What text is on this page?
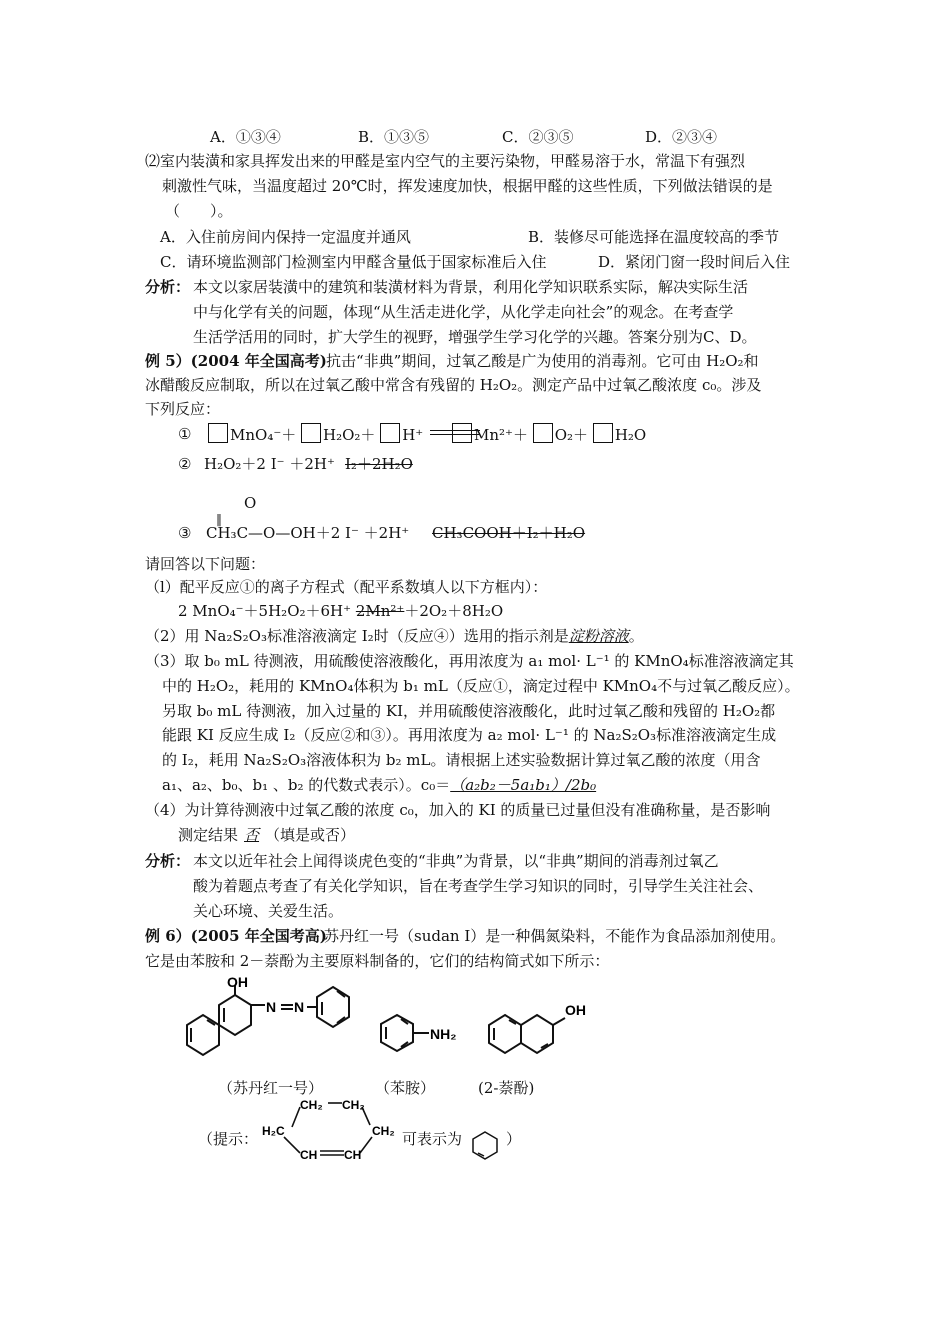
A．①③④	B．①③⑤	C．②③⑤	D．②③④
⑵室内装潢和家具挥发出来的甲醛是室内空气的主要污染物，甲醛易溶于水，常温下有强烈
刺激性气味，当温度超过 20℃时，挥发速度加快，根据甲醛的这些性质，下列做法错误的是
（　　）。
A．入住前房间内保持一定温度并通风	B．装修尽可能选择在温度较高的季节
C．请环境监测部门检测室内甲醛含量低于国家标准后入住	D．紧闭门窗一段时间后入住
分析： 本文以家居装潢中的建筑和装潢材料为背景，利用化学知识联系实际，解决实际生活
中与化学有关的问题，体现“从生活走进化学，从化学走向社会”的观念。在考查学
生活学活用的同时，扩大学生的视野，增强学生学习化学的兴趣。答案分别为C、D。
例 5）(2004 年全国高考) 抗击“非典”期间，过氧乙酸是广为使用的消毒剂。它可由 H₂O₂和
冰醋酸反应制取，所以在过氧乙酸中常含有残留的 H₂O₂。测定产品中过氧乙酸浓度 c₀。涉及
下列反应：
①	MnO₄⁻＋ H₂O₂＋ H⁺	Mn²⁺＋ O₂＋ H₂O
② H₂O₂＋2 I⁻ ＋2H⁺ I₂＋2H₂O
O
‖
③ CH₃C—O—OH＋2 I⁻ ＋2H⁺ CH₃COOH＋I₂＋H₂O
请回答以下问题：
（l）配平反应①的离子方程式（配平系数填人以下方框内）：
2 MnO₄⁻＋5H₂O₂＋6H⁺ 2Mn²⁺＋2O₂＋8H₂O
（2）用 Na₂S₂O₃标准溶液滴定 I₂时（反应④）选用的指示剂是淀粉溶液。
（3）取 b₀ mL 待测液，用硫酸使溶液酸化，再用浓度为 a₁ mol· L⁻¹ 的 KMnO₄标准溶液滴定其
中的 H₂O₂，耗用的 KMnO₄体积为 b₁ mL（反应①，滴定过程中 KMnO₄不与过氧乙酸反应）。
另取 b₀ mL 待测液，加入过量的 KI，并用硫酸使溶液酸化，此时过氧乙酸和残留的 H₂O₂都
能跟 KI 反应生成 I₂（反应②和③）。再用浓度为 a₂ mol· L⁻¹ 的 Na₂S₂O₃标准溶液滴定生成
的 I₂，耗用 Na₂S₂O₃溶液体积为 b₂ mL。请根据上述实验数据计算过氧乙酸的浓度（用含
a₁、a₂、b₀、b₁ 、b₂ 的代数式表示）。c₀＝（a₂b₂－5a₁b₁）/2b₀
（4）为计算待测液中过氧乙酸的浓度 c₀，加入的 KI 的质量已过量但没有准确称量，是否影响
测定结果 否 （填是或否）
分析： 本文以近年社会上闻得谈虎色变的“非典”为背景，以“非典”期间的消毒剂过氧乙
酸为着题点考查了有关化学知识，旨在考查学生学习知识的同时，引导学生关注社会、
关心环境、关爱生活。
例 6）(2005 年全国考高)
苏丹红一号（sudan Ⅰ）是一种偶氮染料，不能作为食品添加剂使用。
它是由苯胺和 2－萘酚为主要原料制备的，它们的结构简式如下所示：
OH
N N
NH₂
OH
（苏丹红一号）	（苯胺）	(2-萘酚)
（提示：
CH₂ CH₂
H₂C	CH₂
CH CH
可表示为	）
